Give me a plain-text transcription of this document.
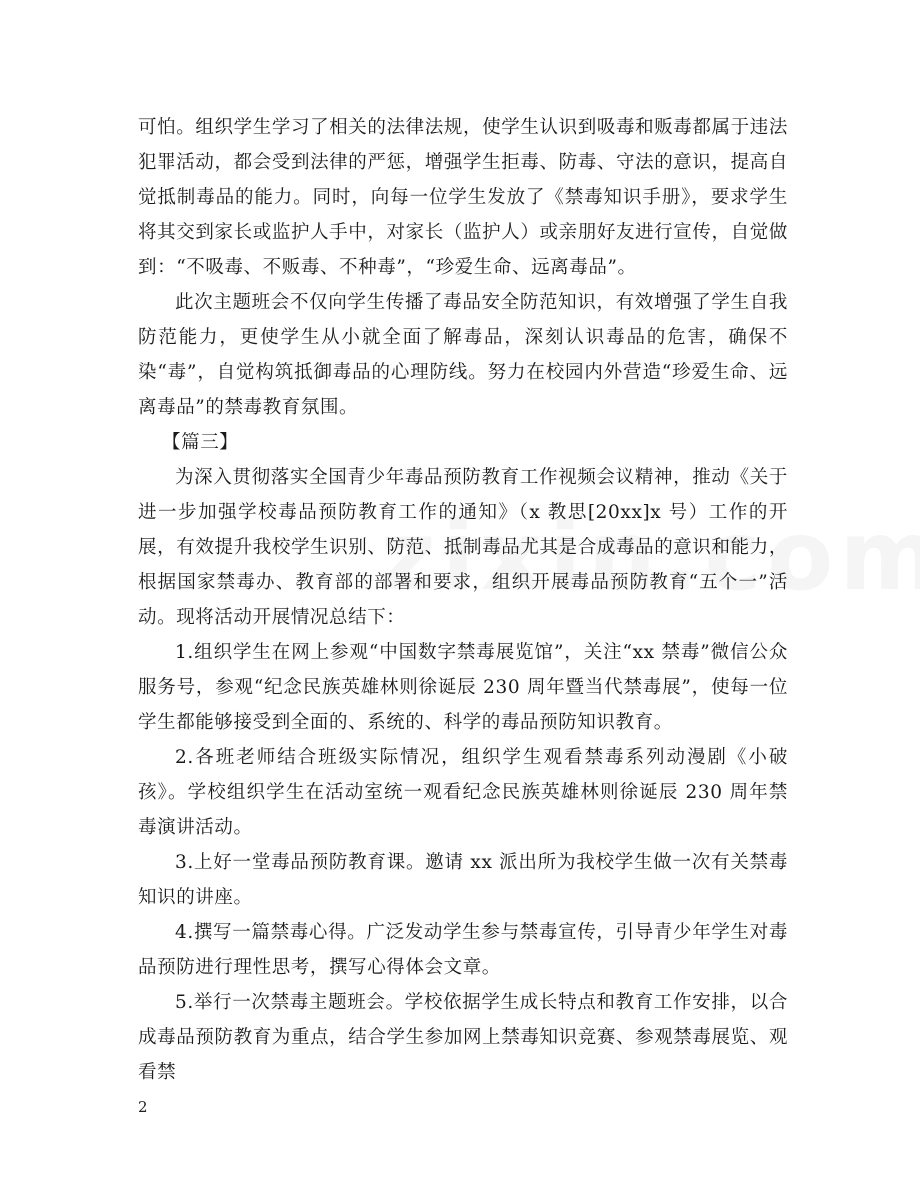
可怕。组织学生学习了相关的法律法规，使学生认识到吸毒和贩毒都属于违法犯罪活动，都会受到法律的严惩，增强学生拒毒、防毒、守法的意识，提高自觉抵制毒品的能力。同时，向每一位学生发放了《禁毒知识手册》，要求学生将其交到家长或监护人手中，对家长（监护人）或亲朋好友进行宣传，自觉做到：“不吸毒、不贩毒、不种毒”，“珍爱生命、远离毒品”。

此次主题班会不仅向学生传播了毒品安全防范知识，有效增强了学生自我防范能力，更使学生从小就全面了解毒品，深刻认识毒品的危害，确保不染“毒”，自觉构筑抵御毒品的心理防线。努力在校园内外营造“珍爱生命、远离毒品”的禁毒教育氛围。

【篇三】

为深入贯彻落实全国青少年毒品预防教育工作视频会议精神，推动《关于进一步加强学校毒品预防教育工作的通知》（x 教思[20xx]x 号）工作的开展，有效提升我校学生识别、防范、抵制毒品尤其是合成毒品的意识和能力，根据国家禁毒办、教育部的部署和要求，组织开展毒品预防教育“五个一”活动。现将活动开展情况总结下：

1.组织学生在网上参观“中国数字禁毒展览馆”，关注“xx 禁毒”微信公众服务号，参观“纪念民族英雄林则徐诞辰 230 周年暨当代禁毒展”，使每一位学生都能够接受到全面的、系统的、科学的毒品预防知识教育。

2.各班老师结合班级实际情况，组织学生观看禁毒系列动漫剧《小破孩》。学校组织学生在活动室统一观看纪念民族英雄林则徐诞辰 230 周年禁毒演讲活动。

3.上好一堂毒品预防教育课。邀请 xx 派出所为我校学生做一次有关禁毒知识的讲座。

4.撰写一篇禁毒心得。广泛发动学生参与禁毒宣传，引导青少年学生对毒品预防进行理性思考，撰写心得体会文章。

5.举行一次禁毒主题班会。学校依据学生成长特点和教育工作安排，以合成毒品预防教育为重点，结合学生参加网上禁毒知识竞赛、参观禁毒展览、观看禁

2
